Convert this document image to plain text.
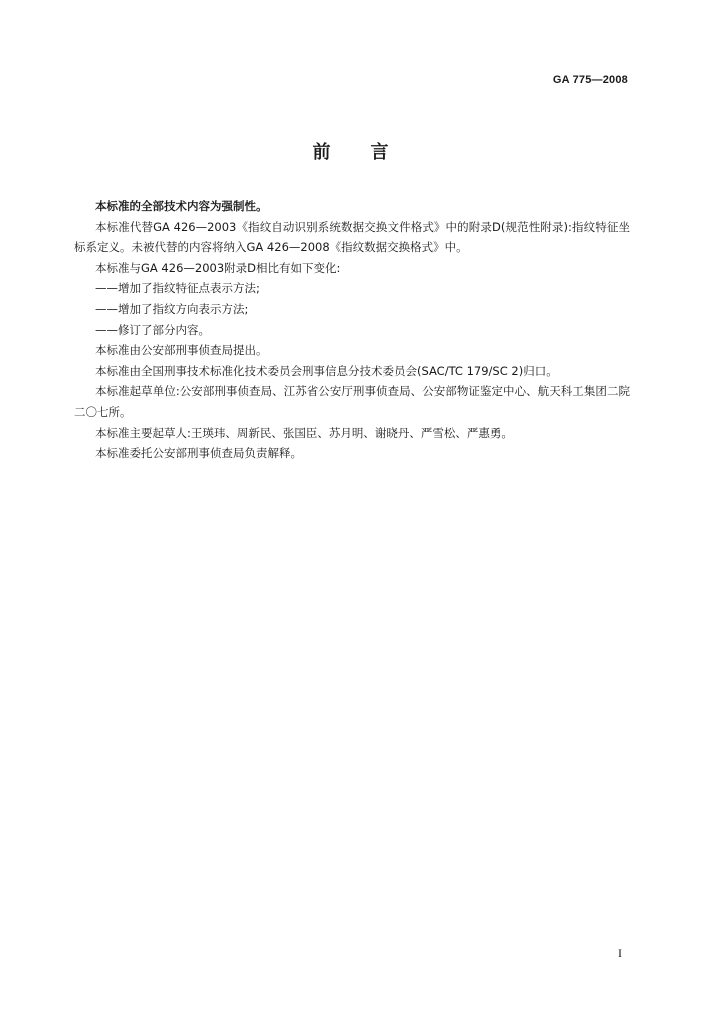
GA 775—2008
前言

本标准的全部技术内容为强制性。

本标准代替GA 426—2003《指纹自动识别系统数据交换文件格式》中的附录D(规范性附录):指纹特征坐标系定义。未被代替的内容将纳入GA 426—2008《指纹数据交换格式》中。

本标准与GA 426—2003附录D相比有如下变化:

——增加了指纹特征点表示方法;

——增加了指纹方向表示方法;

——修订了部分内容。

本标准由公安部刑事侦查局提出。

本标准由全国刑事技术标准化技术委员会刑事信息分技术委员会(SAC/TC 179/SC 2)归口。

本标准起草单位:公安部刑事侦查局、江苏省公安厅刑事侦查局、公安部物证鉴定中心、航天科工集团二院二〇七所。

本标准主要起草人:王瑛玮、周新民、张国臣、苏月明、谢晓丹、严雪松、严惠勇。

本标准委托公安部刑事侦查局负责解释。

I
